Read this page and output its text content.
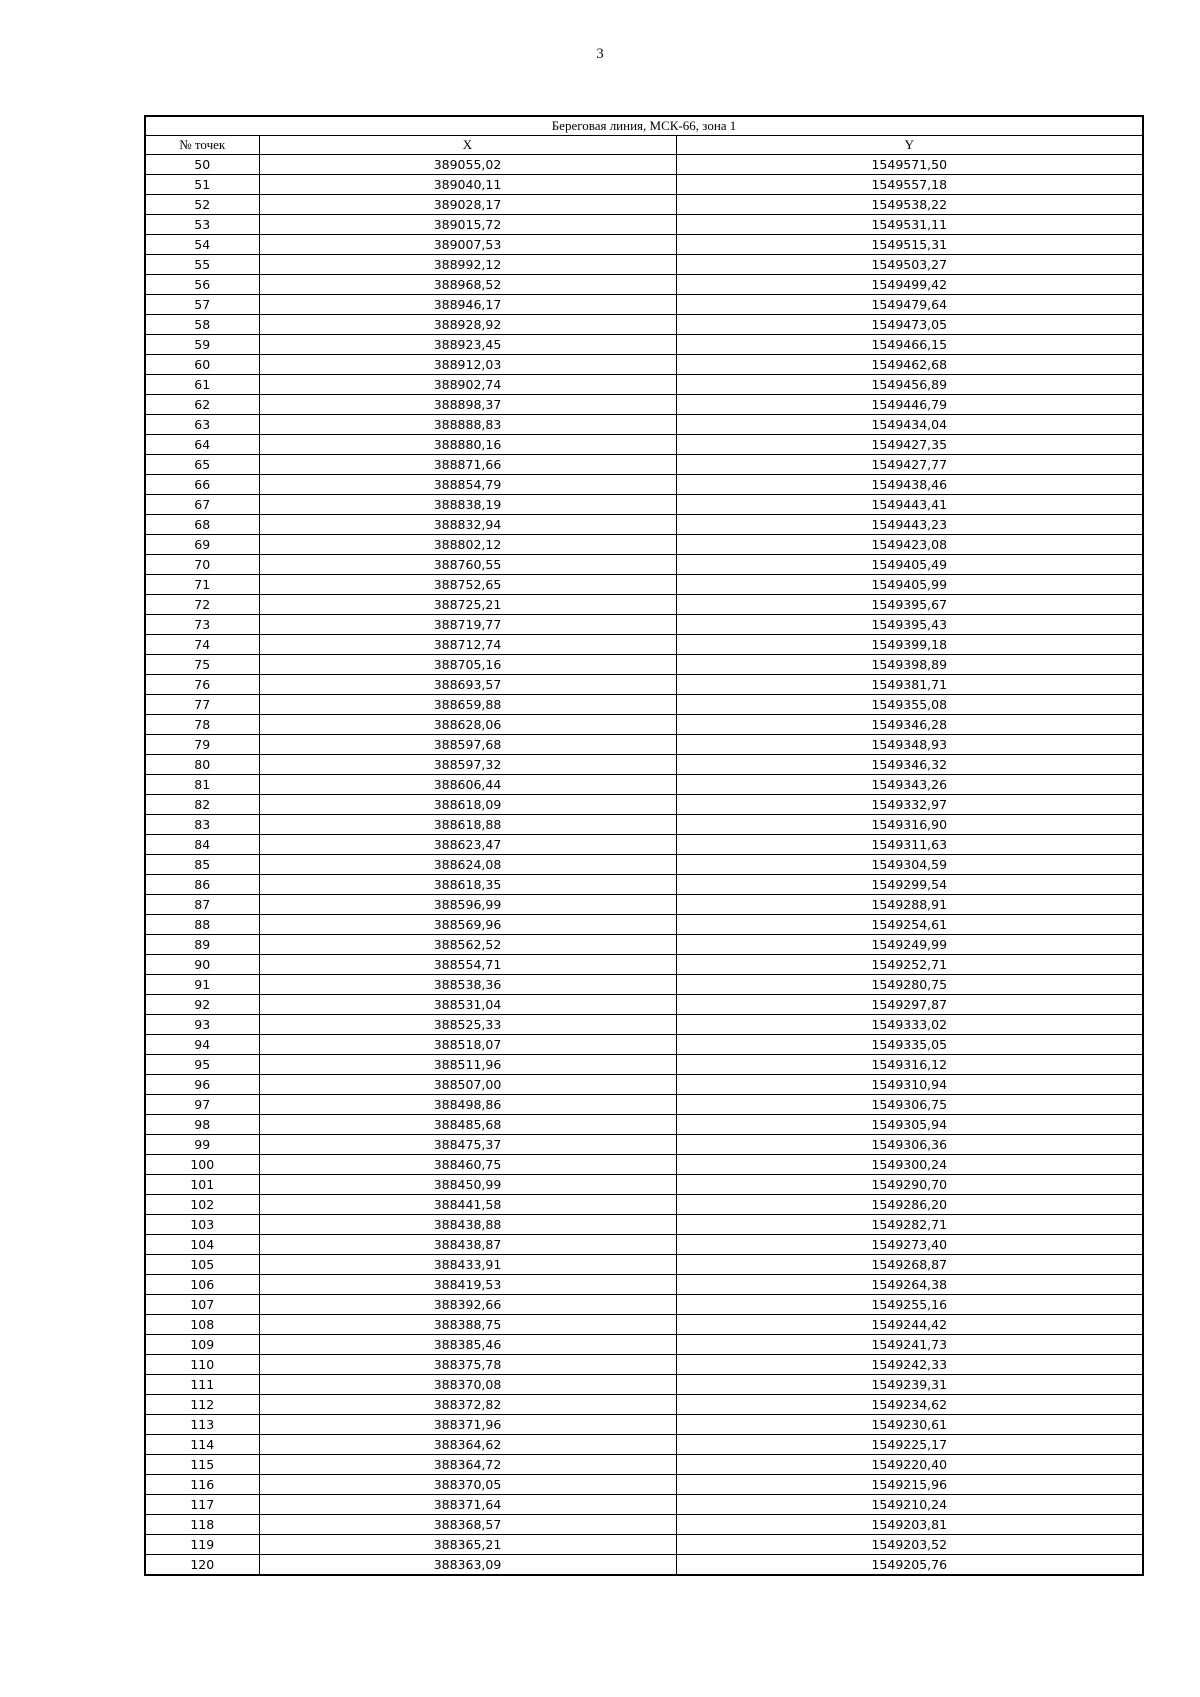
3
Береговая линия, МСК-66, зона 1		
№ точек	X	Y
50	389055,02	1549571,50
51	389040,11	1549557,18
52	389028,17	1549538,22
53	389015,72	1549531,11
54	389007,53	1549515,31
55	388992,12	1549503,27
56	388968,52	1549499,42
57	388946,17	1549479,64
58	388928,92	1549473,05
59	388923,45	1549466,15
60	388912,03	1549462,68
61	388902,74	1549456,89
62	388898,37	1549446,79
63	388888,83	1549434,04
64	388880,16	1549427,35
65	388871,66	1549427,77
66	388854,79	1549438,46
67	388838,19	1549443,41
68	388832,94	1549443,23
69	388802,12	1549423,08
70	388760,55	1549405,49
71	388752,65	1549405,99
72	388725,21	1549395,67
73	388719,77	1549395,43
74	388712,74	1549399,18
75	388705,16	1549398,89
76	388693,57	1549381,71
77	388659,88	1549355,08
78	388628,06	1549346,28
79	388597,68	1549348,93
80	388597,32	1549346,32
81	388606,44	1549343,26
82	388618,09	1549332,97
83	388618,88	1549316,90
84	388623,47	1549311,63
85	388624,08	1549304,59
86	388618,35	1549299,54
87	388596,99	1549288,91
88	388569,96	1549254,61
89	388562,52	1549249,99
90	388554,71	1549252,71
91	388538,36	1549280,75
92	388531,04	1549297,87
93	388525,33	1549333,02
94	388518,07	1549335,05
95	388511,96	1549316,12
96	388507,00	1549310,94
97	388498,86	1549306,75
98	388485,68	1549305,94
99	388475,37	1549306,36
100	388460,75	1549300,24
101	388450,99	1549290,70
102	388441,58	1549286,20
103	388438,88	1549282,71
104	388438,87	1549273,40
105	388433,91	1549268,87
106	388419,53	1549264,38
107	388392,66	1549255,16
108	388388,75	1549244,42
109	388385,46	1549241,73
110	388375,78	1549242,33
111	388370,08	1549239,31
112	388372,82	1549234,62
113	388371,96	1549230,61
114	388364,62	1549225,17
115	388364,72	1549220,40
116	388370,05	1549215,96
117	388371,64	1549210,24
118	388368,57	1549203,81
119	388365,21	1549203,52
120	388363,09	1549205,76
